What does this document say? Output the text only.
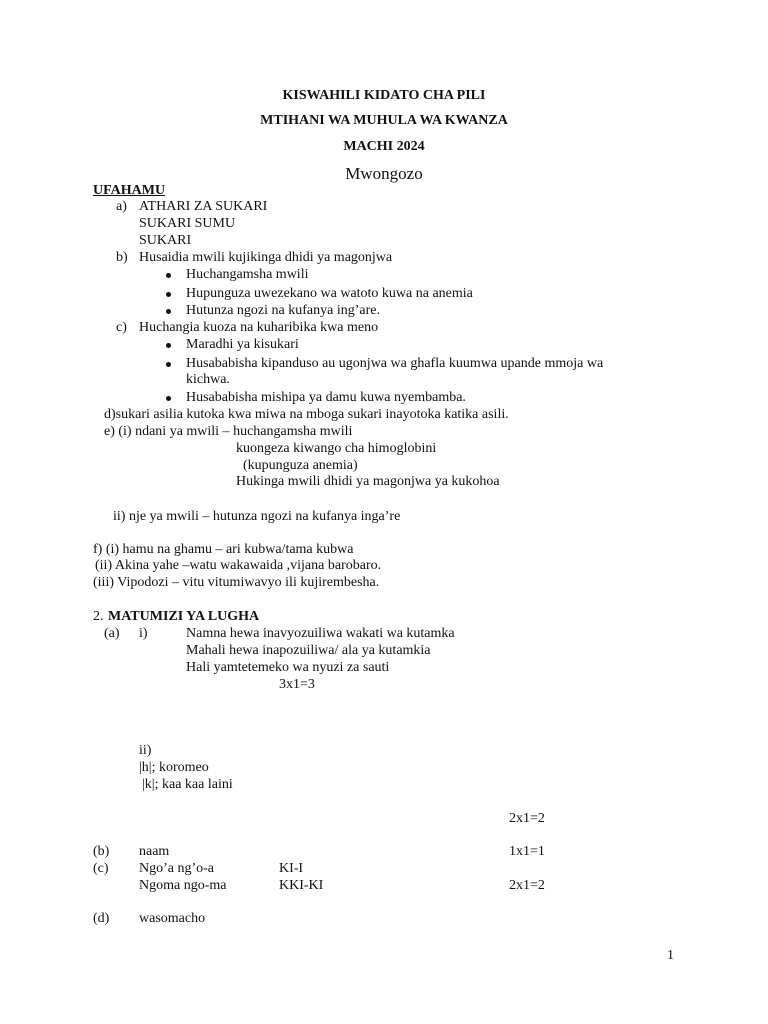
KISWAHILI KIDATO CHA PILI
MTIHANI WA MUHULA WA KWANZA
MACHI 2024
Mwongozo
UFAHAMU
a) ATHARI ZA SUKARI
SUKARI SUMU
SUKARI
b) Husaidia mwili kujikinga dhidi ya magonjwa
Huchangamsha mwili
Hupunguza uwezekano wa watoto kuwa na anemia
Hutunza ngozi na kufanya ing’are.
c) Huchangia kuoza na kuharibika kwa meno
Maradhi ya kisukari
Husababisha kipanduso au ugonjwa wa ghafla kuumwa upande mmoja wa
kichwa.
Husababisha mishipa ya damu kuwa nyembamba.
d)sukari asilia kutoka kwa miwa na mboga sukari inayotoka katika asili.
e) (i) ndani ya mwili – huchangamsha mwili
kuongeza kiwango cha himoglobini
(kupunguza anemia)
Hukinga mwili dhidi ya magonjwa ya kukohoa
ii) nje ya mwili – hutunza ngozi na kufanya inga’re
f) (i) hamu na ghamu – ari kubwa/tama kubwa
(ii) Akina yahe –watu wakawaida ,vijana barobaro.
(iii) Vipodozi – vitu vitumiwavyo ili kujirembesha.
2. MATUMIZI YA LUGHA
(a) i)	Namna hewa inavyozuiliwa wakati wa kutamka
Mahali hewa inapozuiliwa/ ala ya kutamkia
Hali yamtetemeko wa nyuzi za sauti
3x1=3
ii)
|h|; koromeo
|k|; kaa kaa laini
2x1=2
(b) naam	1x1=1
(c) Ngo’a ng’o-a	KI-I
Ngoma ngo-ma	KKI-KI	2x1=2
(d) wasomacho
1
